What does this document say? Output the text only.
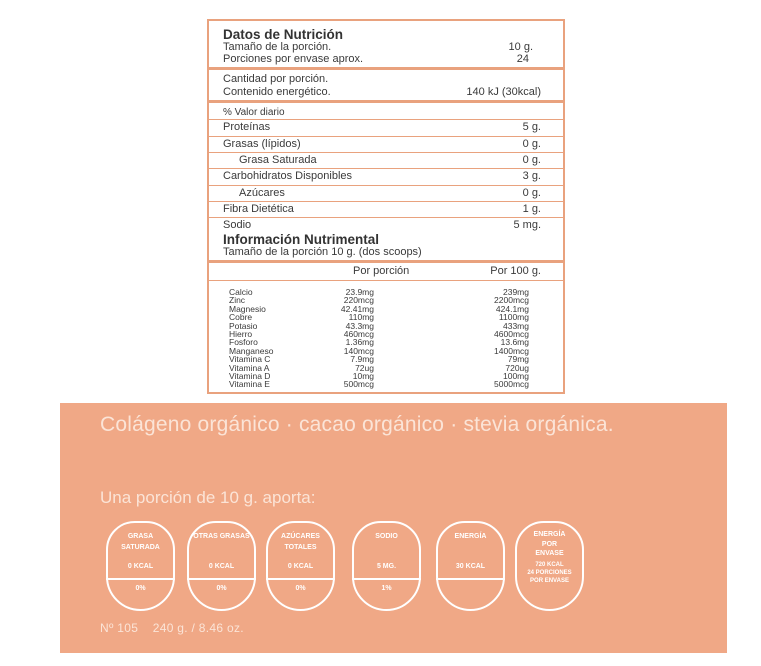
Datos de Nutrición
Tamaño de la porción.	10 g.
Porciones por envase aprox.	24
Cantidad por porción.
Contenido energético.	140 kJ (30kcal)
% Valor diario
Proteínas	5 g.
Grasas (lípidos)	0 g.
Grasa Saturada	0 g.
Carbohidratos Disponibles	3 g.
Azúcares	0 g.
Fibra Dietética	1 g.
Sodio	5 mg.
Información Nutrimental
Tamaño de la porción 10 g. (dos scoops)
Por porción	Por 100 g.
Calcio	23.9mg	239mg
Zinc	220mcg	2200mcg
Magnesio	42.41mg	424.1mg
Cobre	110mg	1100mg
Potasio	43.3mg	433mg
Hierro	460mcg	4600mcg
Fosforo	1.36mg	13.6mg
Manganeso	140mcg	1400mcg
Vitamina C	7.9mg	79mg
Vitamina A	72ug	720ug
Vitamina D	10mg	100mg
Vitamina E	500mcg	5000mcg
Colágeno orgánico · cacao orgánico · stevia orgánica.
Una porción de 10 g. aporta:
GRASA SATURADA
0 KCAL
0%
OTRAS GRASAS
0 KCAL
0%
AZÚCARES TOTALES
0 KCAL
0%
SODIO
5 MG.
1%
ENERGÍA
30 KCAL
ENERGÍA POR ENVASE
720 KCAL
24 PORCIONES
POR ENVASE
Nº 105    240 g. / 8.46 oz.
